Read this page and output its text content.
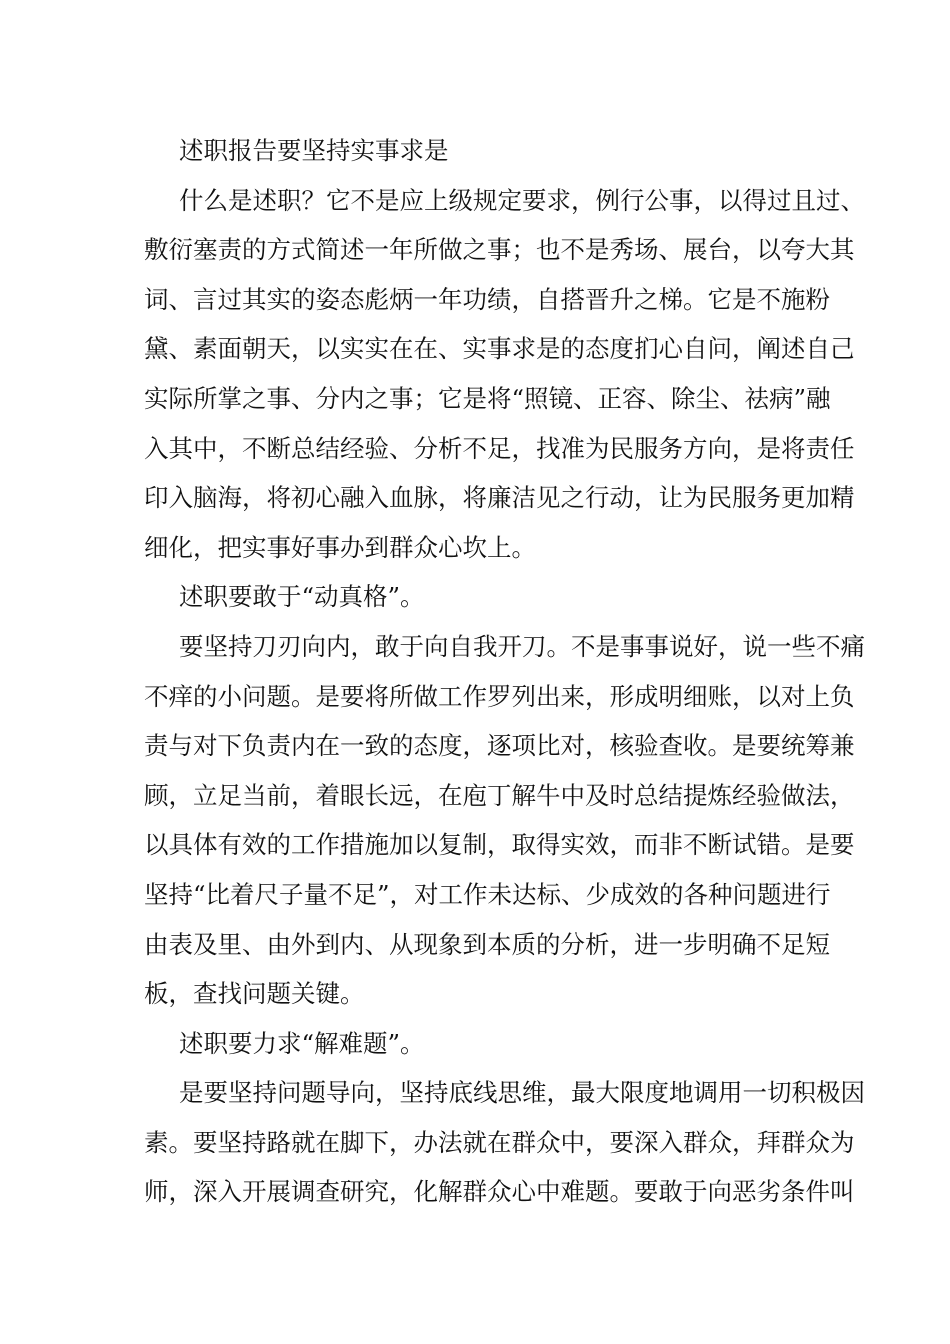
述职报告要坚持实事求是
什么是述职？它不是应上级规定要求，例行公事，以得过且过、
敷衍塞责的方式简述一年所做之事；也不是秀场、展台，以夸大其
词、言过其实的姿态彪炳一年功绩，自搭晋升之梯。它是不施粉
黛、素面朝天，以实实在在、实事求是的态度扪心自问，阐述自己
实际所掌之事、分内之事；它是将“照镜、正容、除尘、祛病”融
入其中，不断总结经验、分析不足，找准为民服务方向，是将责任
印入脑海，将初心融入血脉，将廉洁见之行动，让为民服务更加精
细化，把实事好事办到群众心坎上。
述职要敢于“动真格”。
要坚持刀刃向内，敢于向自我开刀。不是事事说好，说一些不痛
不痒的小问题。是要将所做工作罗列出来，形成明细账，以对上负
责与对下负责内在一致的态度，逐项比对，核验查收。是要统筹兼
顾，立足当前，着眼长远，在庖丁解牛中及时总结提炼经验做法，
以具体有效的工作措施加以复制，取得实效，而非不断试错。是要
坚持“比着尺子量不足”，对工作未达标、少成效的各种问题进行
由表及里、由外到内、从现象到本质的分析，进一步明确不足短
板，查找问题关键。
述职要力求“解难题”。
是要坚持问题导向，坚持底线思维，最大限度地调用一切积极因
素。要坚持路就在脚下，办法就在群众中，要深入群众，拜群众为
师，深入开展调查研究，化解群众心中难题。要敢于向恶劣条件叫
